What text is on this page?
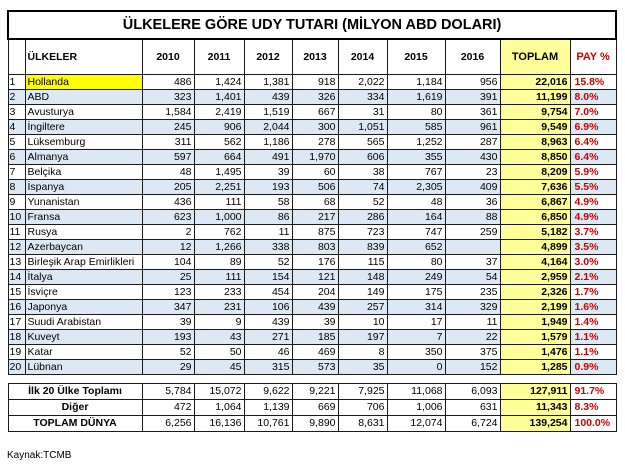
ÜLKELERE GÖRE UDY TUTARI (MİLYON ABD DOLARI)										
	ÜLKELER	2010	2011	2012	2013	2014	2015	2016	TOPLAM	PAY %
1	Hollanda	486	1,424	1,381	918	2,022	1,184	956	22,016	15.8%
2	ABD	323	1,401	439	326	334	1,619	391	11,199	8.0%
3	Avusturya	1,584	2,419	1,519	667	31	80	361	9,754	7.0%
4	İngiltere	245	906	2,044	300	1,051	585	961	9,549	6.9%
5	Lüksemburg	311	562	1,186	278	565	1,252	287	8,963	6.4%
6	Almanya	597	664	491	1,970	606	355	430	8,850	6.4%
7	Belçika	48	1,495	39	60	38	767	23	8,209	5.9%
8	İspanya	205	2,251	193	506	74	2,305	409	7,636	5.5%
9	Yunanistan	436	111	58	68	52	48	36	6,867	4.9%
10	Fransa	623	1,000	86	217	286	164	88	6,850	4.9%
11	Rusya	2	762	11	875	723	747	259	5,182	3.7%
12	Azerbaycan	12	1,266	338	803	839	652		4,899	3.5%
13	Birleşik Arap Emirlikleri	104	89	52	176	115	80	37	4,164	3.0%
14	İtalya	25	111	154	121	148	249	54	2,959	2.1%
15	İsviçre	123	233	454	204	149	175	235	2,326	1.7%
16	Japonya	347	231	106	439	257	314	329	2,199	1.6%
17	Suudi Arabistan	39	9	439	39	10	17	11	1,949	1.4%
18	Kuveyt	193	43	271	185	197	7	22	1,579	1.1%
19	Katar	52	50	46	469	8	350	375	1,476	1.1%
20	Lübnan	29	45	315	573	35	0	152	1,285	0.9%

İlk 20 Ülke Toplamı		5,784	15,072	9,622	9,221	7,925	11,068	6,093	127,911	91.7%
Diğer		472	1,064	1,139	669	706	1,006	631	11,343	8.3%
TOPLAM DÜNYA		6,256	16,136	10,761	9,890	8,631	12,074	6,724	139,254	100.0%
Kaynak:TCMB
